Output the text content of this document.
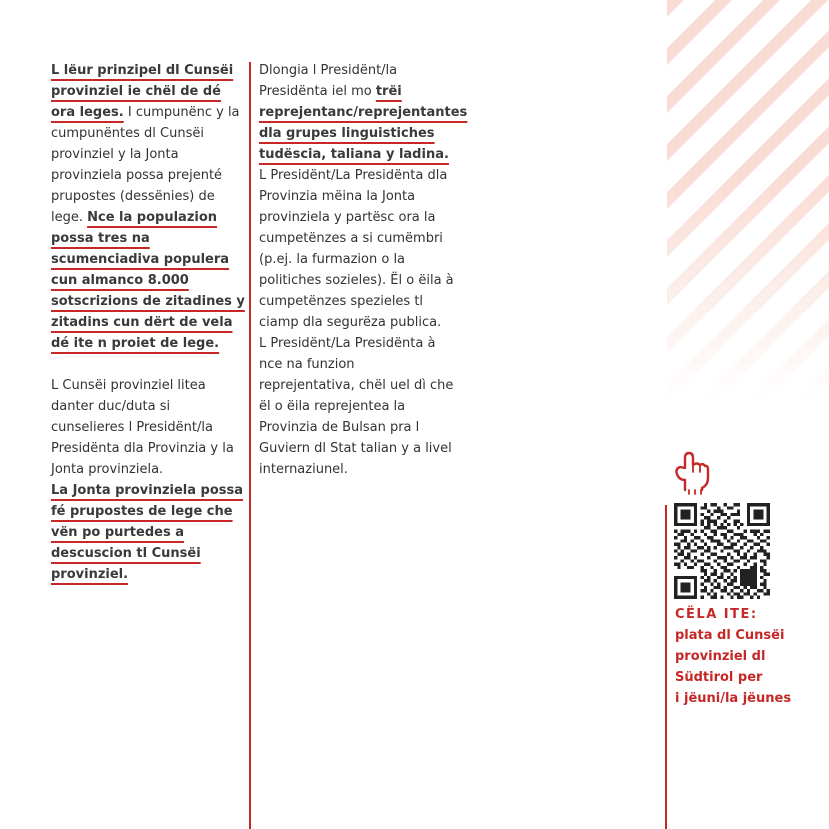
L lëur prinzipel dl Cunsëi provinziel ie chël de dé ora leges. I cumpunënc y la cumpunëntes dl Cunsëi provinziel y la Jonta provinziela possa prejenté prupostes (dessënies) de lege. Nce la populazion possa tres na scumenciadiva populera cun almanco 8.000 sotscrizions de zitadines y zitadins cun dërt de vela dé ite n proiet de lege.

L Cunsëi provinziel litea danter duc/duta si cunselieres l Presidënt/la Presidënta dla Provinzia y la Jonta provinziela.
La Jonta provinziela possa fé prupostes de lege che vën po purtedes a descuscion tl Cunsëi provinziel.

Dlongia l Presidënt/la Presidënta iel mo trëi reprejentanc/reprejentantes dla grupes linguistiches tudëscia, taliana y ladina. L Presidënt/La Presidënta dla Provinzia mëina la Jonta provinziela y partësc ora la cumpetënzes a si cumëmbri (p.ej. la furmazion o la politiches sozieles). Ël o ëila à cumpetënzes spezieles tl ciamp dla segurëza publica.
L Presidënt/La Presidënta à nce na funzion reprejentativa, chël uel dì che ël o ëila reprejentea la Provinzia de Bulsan pra l Guviern dl Stat talian y a livel internaziunel.

CËLA ITE:
plata dl Cunsëi
provinziel dl
Südtirol per
i jëuni/la jëunes
